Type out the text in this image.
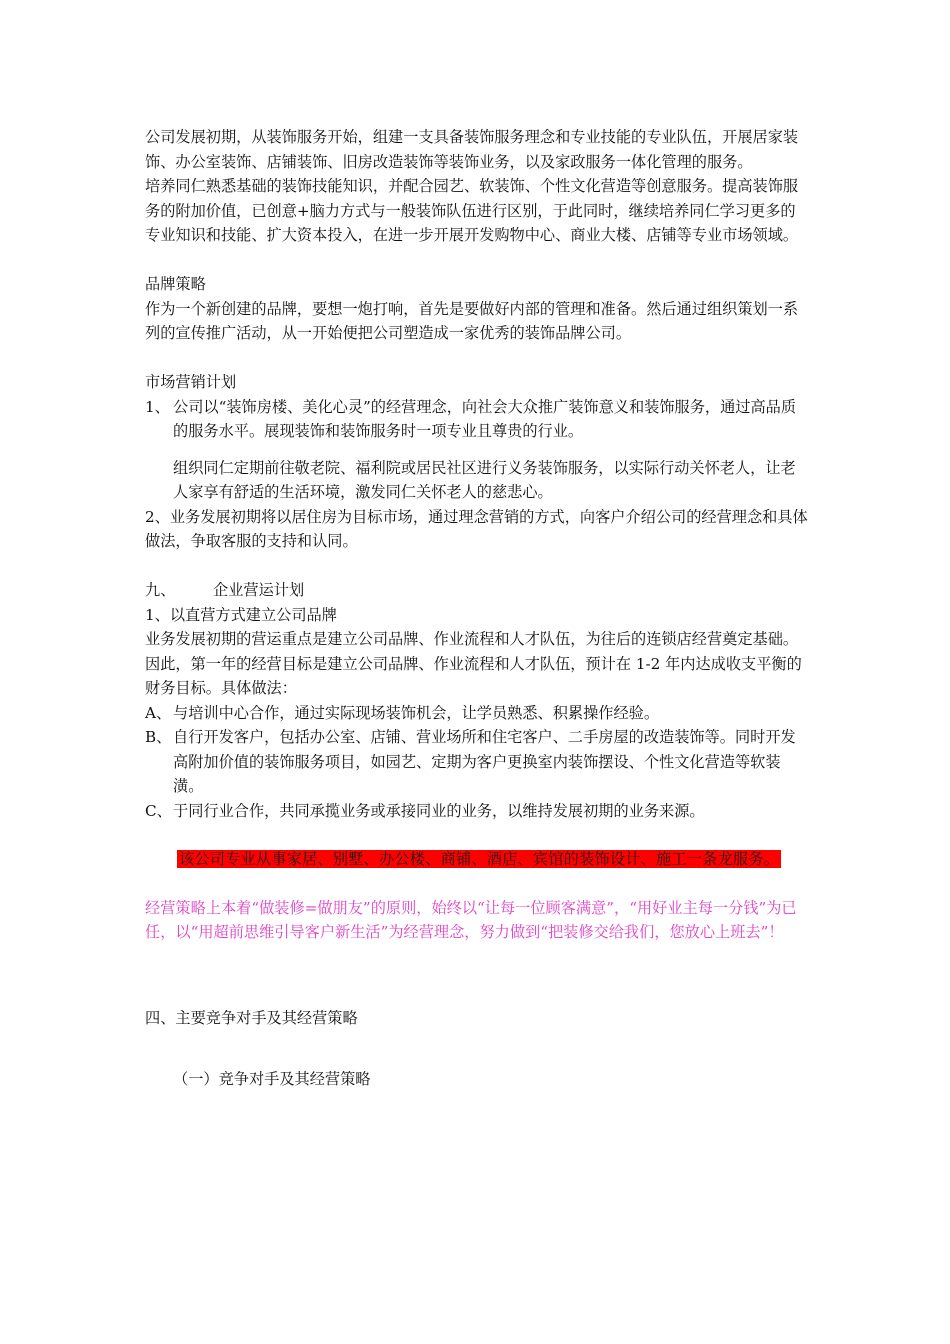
公司发展初期，从装饰服务开始，组建一支具备装饰服务理念和专业技能的专业队伍，开展居家装饰、办公室装饰、店铺装饰、旧房改造装饰等装饰业务，以及家政服务一体化管理的服务。

培养同仁熟悉基础的装饰技能知识，并配合园艺、软装饰、个性文化营造等创意服务。提高装饰服务的附加价值，已创意+脑力方式与一般装饰队伍进行区别，于此同时，继续培养同仁学习更多的专业知识和技能、扩大资本投入，在进一步开展开发购物中心、商业大楼、店铺等专业市场领域。

品牌策略

作为一个新创建的品牌，要想一炮打响，首先是要做好内部的管理和准备。然后通过组织策划一系列的宣传推广活动，从一开始便把公司塑造成一家优秀的装饰品牌公司。

市场营销计划

1、 公司以“装饰房楼、美化心灵”的经营理念，向社会大众推广装饰意义和装饰服务，通过高品质的服务水平。展现装饰和装饰服务时一项专业且尊贵的行业。

组织同仁定期前往敬老院、福利院或居民社区进行义务装饰服务，以实际行动关怀老人，让老人家享有舒适的生活环境，激发同仁关怀老人的慈悲心。

2、业务发展初期将以居住房为目标市场，通过理念营销的方式，向客户介绍公司的经营理念和具体做法，争取客服的支持和认同。

九、 企业营运计划

1、以直营方式建立公司品牌

业务发展初期的营运重点是建立公司品牌、作业流程和人才队伍，为往后的连锁店经营奠定基础。因此，第一年的经营目标是建立公司品牌、作业流程和人才队伍，预计在 1-2 年内达成收支平衡的财务目标。具体做法：

A、 与培训中心合作，通过实际现场装饰机会，让学员熟悉、积累操作经验。
B、 自行开发客户，包括办公室、店铺、营业场所和住宅客户、二手房屋的改造装饰等。同时开发高附加价值的装饰服务项目，如园艺、定期为客户更换室内装饰摆设、个性文化营造等软装潢。
C、 于同行业合作，共同承揽业务或承接同业的业务，以维持发展初期的业务来源。

该公司专业从事家居、别墅、办公楼、商铺、酒店、宾馆的装饰设计、施工一条龙服务。

经营策略上本着“做装修=做朋友”的原则，始终以“让每一位顾客满意”，“用好业主每一分钱”为已任，以“用超前思维引导客户新生活”为经营理念，努力做到“把装修交给我们，您放心上班去”！

四、主要竞争对手及其经营策略

（一）竞争对手及其经营策略
